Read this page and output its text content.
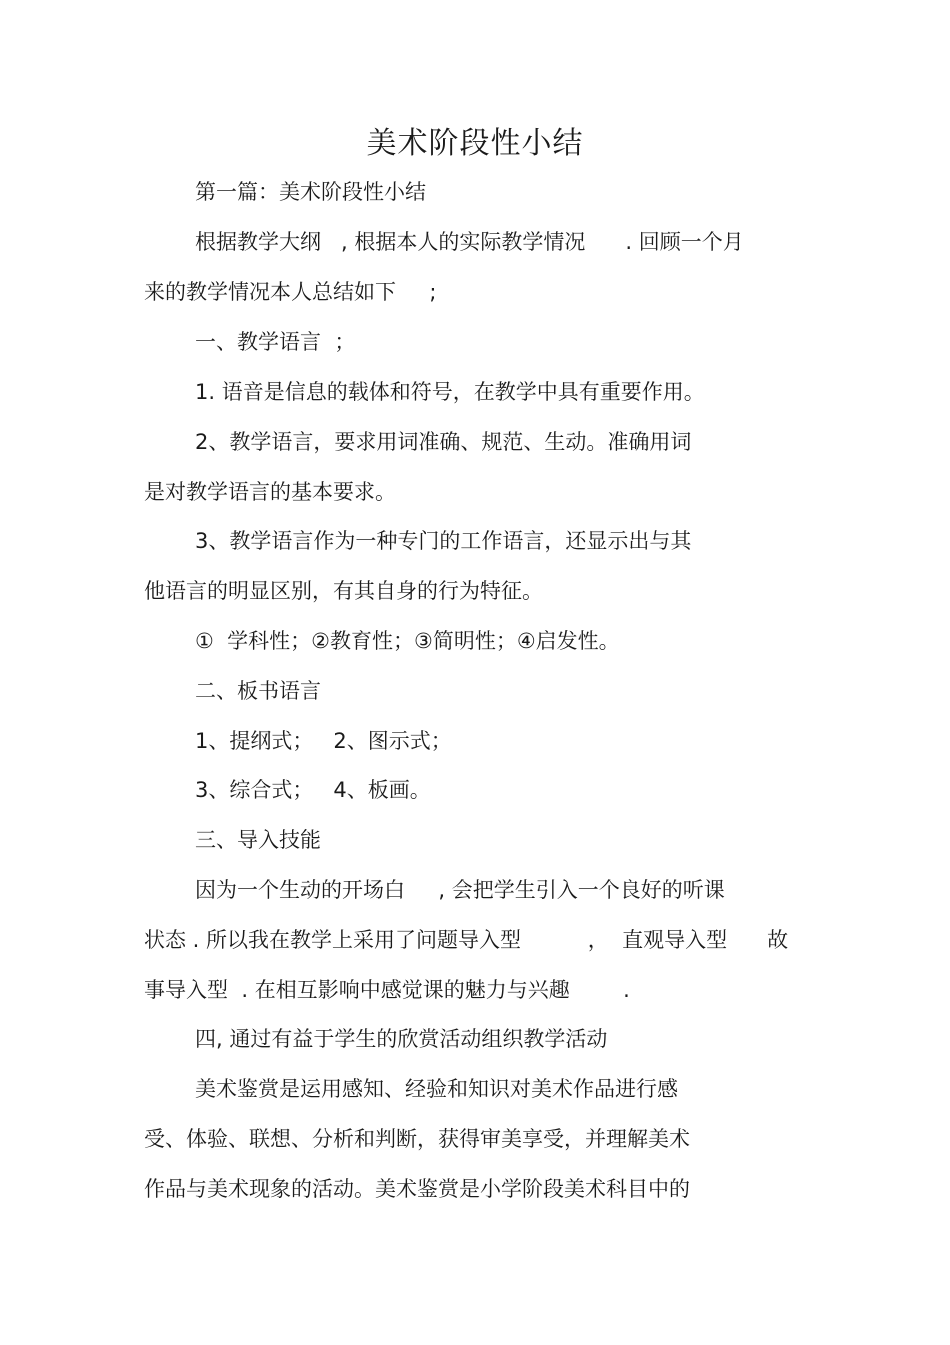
美术阶段性小结

第一篇：美术阶段性小结

根据教学大纲   , 根据本人的实际教学情况      . 回顾一个月

来的教学情况本人总结如下     ;

一、教学语言  ；

1. 语音是信息的载体和符号，在教学中具有重要作用。

2、教学语言，要求用词准确、规范、生动。准确用词

是对教学语言的基本要求。

3、教学语言作为一种专门的工作语言，还显示出与其

他语言的明显区别，有其自身的行为特征。

①  学科性；②教育性；③简明性；④启发性。

二、板书语言

1、提纲式；   2、图示式；

3、综合式；   4、板画。

三、导入技能

因为一个生动的开场白     , 会把学生引入一个良好的听课

状态 . 所以我在教学上采用了问题导入型          ，  直观导入型      故

事导入型  . 在相互影响中感觉课的魅力与兴趣        .

四, 通过有益于学生的欣赏活动组织教学活动

美术鉴赏是运用感知、经验和知识对美术作品进行感

受、体验、联想、分析和判断，获得审美享受，并理解美术

作品与美术现象的活动。美术鉴赏是小学阶段美术科目中的
